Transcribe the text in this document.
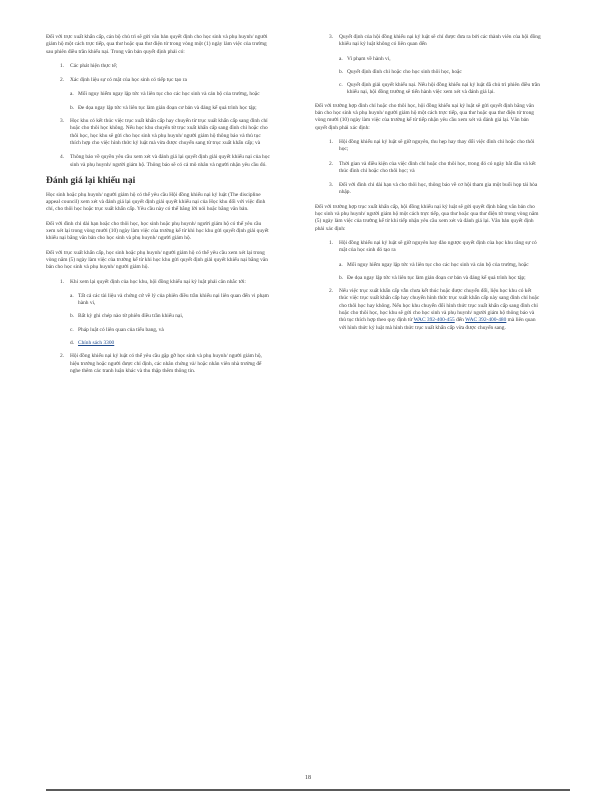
Đối với trực xuất khẩn cấp, cán bộ chủ trì sẽ gửi văn bản quyết định cho học sinh và phụ huynh/ người giám hộ một cách trực tiếp, qua thư hoặc qua thư điện tử trong vòng một (1) ngày làm việc của trường sau phiên điều trần khiếu nại. Trong văn bản quyết định phải có:

1. Các phát hiện thực tế;
2. Xác định liệu sự có mặt của học sinh có tiếp tục tạo ra
a. Mối nguy hiểm ngay lập tức và liên tục cho các học sinh và cán bộ của trường, hoặc
b. Đe dọa ngay lập tức và liên tục làm gián đoạn cơ bản và đáng kể quá trình học tập;
3. Học khu có kết thúc việc trục xuất khẩn cấp hay chuyển từ trục xuất khẩn cấp sang đình chỉ hoặc cho thôi học không. Nếu học khu chuyển từ trục xuất khẩn cấp sang đình chỉ hoặc cho thôi học, học khu sẽ gửi cho học sinh và phụ huynh/ người giám hộ thông báo và thủ tục thích hợp cho việc hình thức kỷ luật mà vừa được chuyển sang từ trục xuất khẩn cấp; và
4. Thông báo về quyền yêu cầu xem xét và đánh giá lại quyết định giải quyết khiếu nại của học sinh và phụ huynh/ người giám hộ. Thông báo sẽ có cả mô nhân và người nhận yêu cầu đó.
Đánh giá lại khiếu nại

Học sinh hoặc phụ huynh/ người giám hộ có thể yêu cầu Hội đồng khiếu nại kỷ luật (The discipline appeal council) xem xét và đánh giá lại quyết định giải quyết khiếu nại của Học khu đối với việc đình chỉ, cho thôi học hoặc trục xuất khẩn cấp. Yêu cầu này có thể bằng lời nói hoặc bằng văn bản.

Đối với đình chỉ dài hạn hoặc cho thôi học, học sinh hoặc phụ huynh/ người giám hộ có thể yêu cầu xem xét lại trong vòng mười (10) ngày làm việc của trường kể từ khi học khu gửi quyết định giải quyết khiếu nại bằng văn bản cho học sinh và phụ huynh/ người giám hộ.

Đối với trục xuất khẩn cấp, học sinh hoặc phụ huynh/ người giám hộ có thể yêu cầu xem xét lại trong vòng năm (5) ngày làm việc của trường kể từ khi học khu gửi quyết định giải quyết khiếu nại bằng văn bản cho học sinh và phụ huynh/ người giám hộ.

1. Khi xem lại quyết định của học khu, hội đồng khiếu nại kỷ luật phải cân nhắc tới:
a. Tất cả các tài liệu và chứng cứ về lý của phiên điều trần khiếu nại liên quan đến vi phạm hành vi,
b. Bất kỳ ghi chép nào từ phiên điều trần khiếu nại,
c. Pháp luật có liên quan của tiểu bang, và
d. Chính sách 3300
2. Hội đồng khiếu nại kỷ luật có thể yêu cầu gặp gỡ học sinh và phụ huynh/ người giám hộ, hiệu trưởng hoặc người được chỉ định, các nhân chứng và/ hoặc nhân viên nhà trường để nghe thêm các tranh luận khác và thu thập thêm thông tin.
3. Quyết định của hội đồng khiếu nại kỷ luật sẽ chỉ được đưa ra bởi các thành viên của hội đồng khiếu nại kỷ luật không có liên quan đến
a. Vi phạm về hành vi,
b. Quyết định đình chỉ hoặc cho học sinh thôi học, hoặc
c. Quyết định giải quyết khiếu nại. Nếu hội đồng khiếu nại kỷ luật đã chủ trì phiên điều trần khiếu nại, hội đồng trường sẽ tiến hành việc xem xét và đánh giá lại.

Đối với trường hợp đình chỉ hoặc cho thôi học, hội đồng khiếu nại kỷ luật sẽ gửi quyết định bằng văn bản cho học sinh và phụ huynh/ người giám hộ một cách trực tiếp, qua thư hoặc qua thư điện tử trong vòng mười (10) ngày làm việc của trường kể từ tiếp nhận yêu cầu xem xét và đánh giá lại. Văn bản quyết định phải xác định:

1. Hội đồng khiếu nại kỷ luật sẽ giữ nguyên, thu hẹp hay thay đổi việc đình chỉ hoặc cho thôi học;
2. Thời gian và điều kiện của việc đình chỉ hoặc cho thôi học, trong đó có ngày bắt đầu và kết thúc đình chỉ hoặc cho thôi học; và
3. Đối với đình chỉ dài hạn và cho thôi học, thông báo về cơ hội tham gia một buổi họp tái hòa nhập.

Đối với trường hợp trục xuất khẩn cấp, hội đồng khiếu nại kỷ luật sẽ gửi quyết định bằng văn bản cho học sinh và phụ huynh/ người giám hộ một cách trực tiếp, qua thư hoặc qua thư điện tử trong vòng năm (5) ngày làm việc của trường kể từ khi tiếp nhận yêu cầu xem xét và đánh giá lại. Văn bản quyết định phải xác định:

1. Hội đồng khiếu nại kỷ luật sẽ giữ nguyên hay đảo ngược quyết định của học khu rằng sự có mặt của học sinh đó tạo ra
a. Mối nguy hiểm ngay lập tức và liên tục cho các học sinh và cán bộ của trường, hoặc
b. Đe dọa ngay lập tức và liên tục làm gián đoạn cơ bản và đáng kể quá trình học tập;
2. Nếu việc trục xuất khẩn cấp vẫn chưa kết thúc hoặc được chuyển đổi, liệu học khu có kết thúc việc trục xuất khẩn cấp hay chuyển hình thức trục xuất khẩn cấp này sang đình chỉ hoặc cho thôi học hay không. Nếu học khu chuyển đổi hình thức trục xuất khẩn cấp sang đình chỉ hoặc cho thôi học, học khu sẽ gửi cho học sinh và phụ huynh/ người giám hộ thông báo và thủ tục thích hợp theo quy định từ WAC 392-400-455 đến WAC 392-400-480 mà liên quan với hình thức kỷ luật mà hình thức trục xuất khẩn cấp vừa được chuyển sang.
18
